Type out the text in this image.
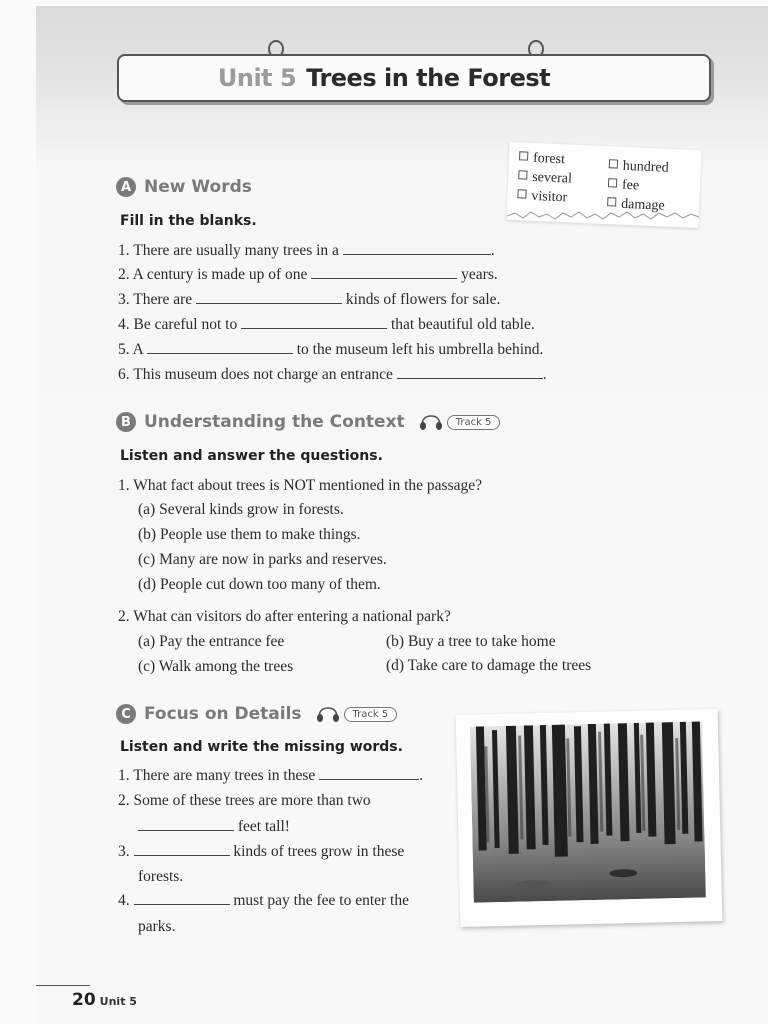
Unit 5 Trees in the Forest
forest
several
visitor
hundred
fee
damage
A New Words
Fill in the blanks.
1. There are usually many trees in a	.
2. A century is made up of one	years.
3. There are	kinds of flowers for sale.
4. Be careful not to	that beautiful old table.
5. A	to the museum left his umbrella behind.
6. This museum does not charge an entrance	.
B Understanding the Context	Track 5
Listen and answer the questions.
1. What fact about trees is NOT mentioned in the passage?
(a) Several kinds grow in forests.
(b) People use them to make things.
(c) Many are now in parks and reserves.
(d) People cut down too many of them.
2. What can visitors do after entering a national park?
(a) Pay the entrance fee	(b) Buy a tree to take home
(c) Walk among the trees	(d) Take care to damage the trees
C Focus on Details	Track 5
Listen and write the missing words.
1. There are many trees in these	.
2. Some of these trees are more than two
feet tall!
3.	kinds of trees grow in these
forests.
4.	must pay the fee to enter the
parks.
20 Unit 5
